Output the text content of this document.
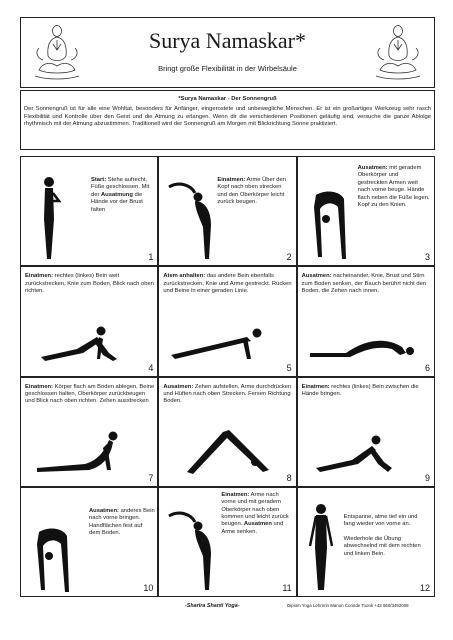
Surya Namaskar*
Bringt große Flexibilität in der Wirbelsäule
*Surya Namaskar - Der Sonnengruß
Der Sonnengruß ist für alle eine Wohltat, besonders für Anfänger, eingerostete und unbewegliche Menschen. Er ist ein großartiges Werkzeug sehr rasch Flexibilität und Kontrolle über den Geist und die Atmung zu erlangen. Wenn dir die verschiedenen Positionen geläufig sind, versuche die ganze Ablolge rhythmisch mit der Atmung abzustimmen. Traditionell wird der Sonnengruß am Morgen mit Blickrichtung Sonne praktiziert.
Start: Stehe aufrecht, Füße geschlossen. Mit der Ausatmung die Hände vor der Brust falten
1
Einatmen: Arme Über den Kopf nach oben strecken und den Oberkörper leicht zurück beugen.
2
Ausatmen: mit geradem Oberkörper und gestreckten Armen weit nach vorne beuge. Hände flach neben die Füße legen. Kopf zu den Knien.
3
Einatmen: rechtes (linkes) Bein weit zurückstrecken, Knie zum Boden, Blick nach oben richten.
4
Atem anhalten: das andere Bein ebenfalls zurückstrecken, Knie und Arme gestreckt. Rücken und Beine in einer geraden Linie.
5
Ausatmen: nacheinander, Knie, Brust und Stirn zum Boden senken, der Bauch berührt nicht den Boden, die Zehen nach innen.
6
Einatmen: Körper flach am Boden ablegen, Beine geschlossen halten, Oberkörper zurückbeugen und Blick nach oben richten. Zehen ausstrecken
7
Ausatmen: Zehen aufstellen, Arme durchdrücken und Hüften nach oben Strecken. Fersen Richtung Boden.
8
Einatmen: rechtes (linkes) Bein zwischen die Hände bringen.
9
Ausatmen: anderes Bein nach vorne bringen. Handflächen fest auf dem Boden.
10
Einatmen: Arme nach vorne und mit geradem Oberkörper nach oben kommen und leicht zurück beugen. Ausatmen und Arme senken.
11
Entspanne, atme tief ein und fang wieder von vorne an.

Wiederhole die Übung abwechselnd mit dem rechten und linken Bein.
12
-Sharira Shanti Yoga-	Diplom Yoga Lehrerin Manon Corinde Toonk +43 660/3492008
